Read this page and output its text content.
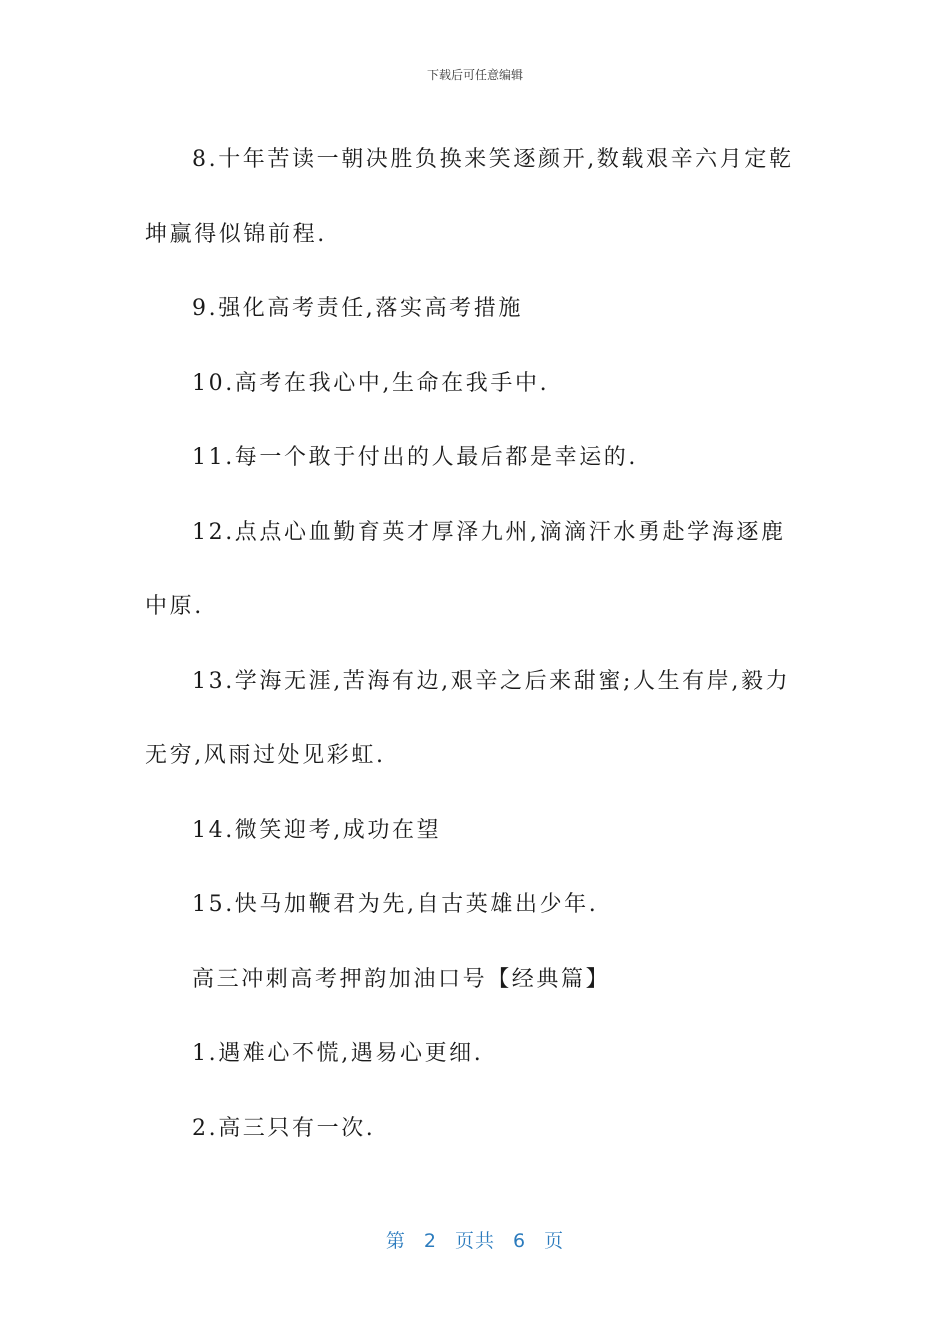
下载后可任意编辑

8.十年苦读一朝决胜负换来笑逐颜开,数载艰辛六月定乾坤赢得似锦前程.

9.强化高考责任,落实高考措施

10.高考在我心中,生命在我手中.

11.每一个敢于付出的人最后都是幸运的.

12.点点心血勤育英才厚泽九州,滴滴汗水勇赴学海逐鹿中原.

13.学海无涯,苦海有边,艰辛之后来甜蜜;人生有岸,毅力无穷,风雨过处见彩虹.

14.微笑迎考,成功在望

15.快马加鞭君为先,自古英雄出少年.

高三冲刺高考押韵加油口号【经典篇】

1.遇难心不慌,遇易心更细.

2.高三只有一次.

第 2 页共 6 页
